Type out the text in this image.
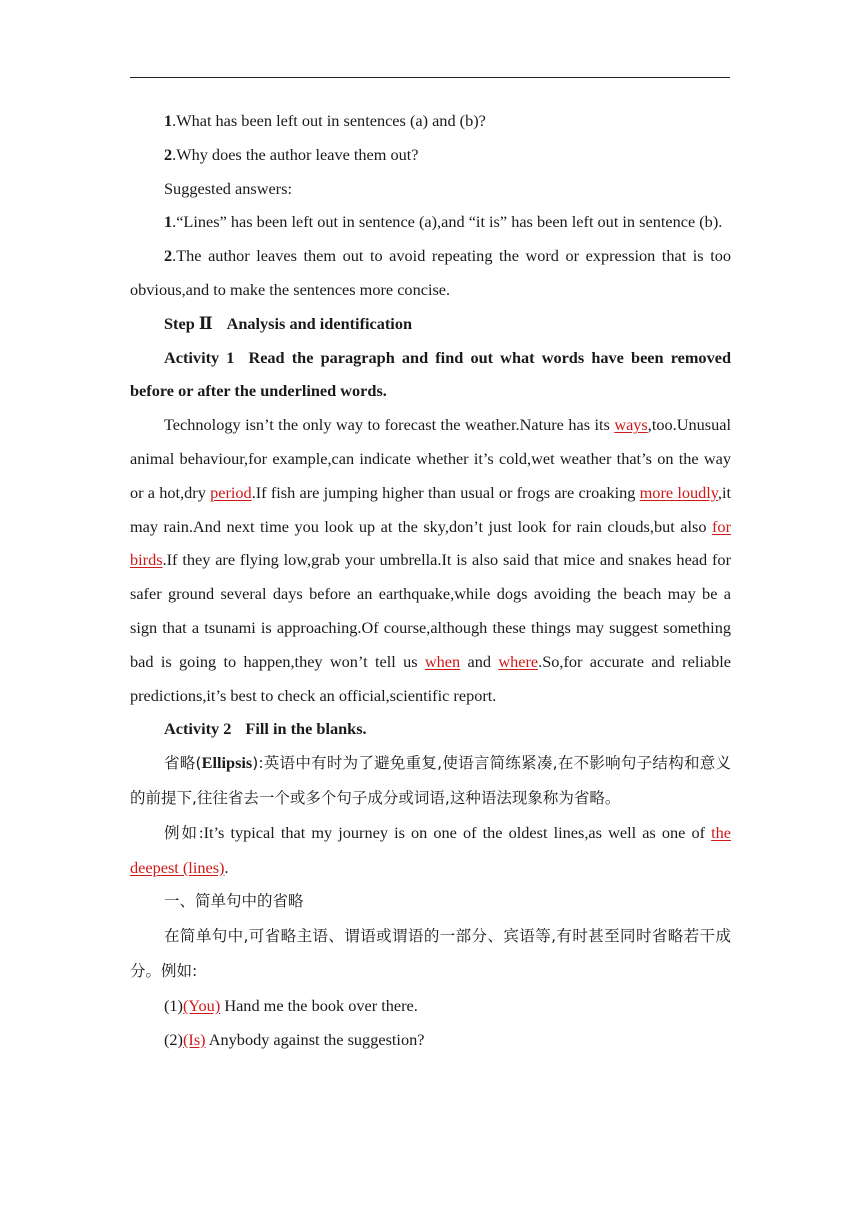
1.What has been left out in sentences (a) and (b)?

2.Why does the author leave them out?

Suggested answers:

1.“Lines” has been left out in sentence (a),and “it is” has been left out in sentence (b).

2.The author leaves them out to avoid repeating the word or expression that is too obvious,and to make the sentences more concise.

Step Ⅱ Analysis and identification

Activity 1 Read the paragraph and find out what words have been removed before or after the underlined words.

Technology isn’t the only way to forecast the weather.Nature has its ways,too.Unusual animal behaviour,for example,can indicate whether it’s cold,wet weather that’s on the way or a hot,dry period.If fish are jumping higher than usual or frogs are croaking more loudly,it may rain.And next time you look up at the sky,don’t just look for rain clouds,but also for birds.If they are flying low,grab your umbrella.It is also said that mice and snakes head for safer ground several days before an earthquake,while dogs avoiding the beach may be a sign that a tsunami is approaching.Of course,although these things may suggest something bad is going to happen,they won’t tell us when and where.So,for accurate and reliable predictions,it’s best to check an official,scientific report.

Activity 2 Fill in the blanks.

省略(Ellipsis):英语中有时为了避免重复,使语言简练紧凑,在不影响句子结构和意义的前提下,往往省去一个或多个句子成分或词语,这种语法现象称为省略。

例如:It’s typical that my journey is on one of the oldest lines,as well as one of the deepest (lines).

一、简单句中的省略

在简单句中,可省略主语、谓语或谓语的一部分、宾语等,有时甚至同时省略若干成分。例如:

(1)(You) Hand me the book over there.

(2)(Is) Anybody against the suggestion?
